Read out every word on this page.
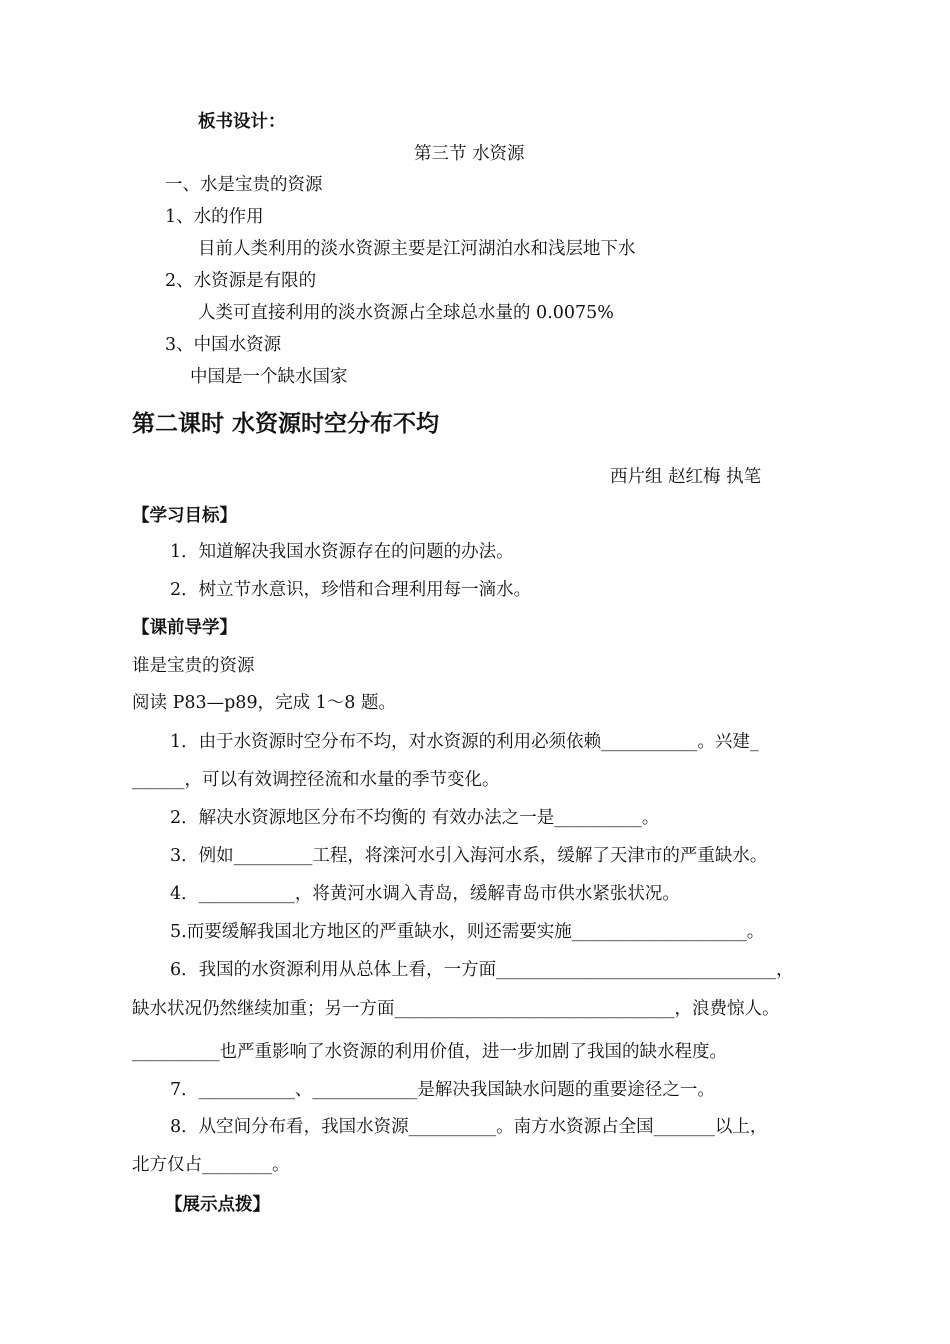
板书设计：
第三节 水资源
一、水是宝贵的资源
1、水的作用
目前人类利用的淡水资源主要是江河湖泊水和浅层地下水
2、水资源是有限的
人类可直接利用的淡水资源占全球总水量的 0.0075%
3、中国水资源
中国是一个缺水国家
第二课时 水资源时空分布不均
西片组 赵红梅 执笔
【学习目标】
1．知道解决我国水资源存在的问题的办法。
2．树立节水意识，珍惜和合理利用每一滴水。
【课前导学】
谁是宝贵的资源
阅读 P83—p89，完成 1～8 题。
1．由于水资源时空分布不均，对水资源的利用必须依赖___________。兴建_
______，可以有效调控径流和水量的季节变化。
2．解决水资源地区分布不均衡的 有效办法之一是__________。
3．例如_________工程，将滦河水引入海河水系，缓解了天津市的严重缺水。
4．___________，将黄河水调入青岛，缓解青岛市供水紧张状况。
5.而要缓解我国北方地区的严重缺水，则还需要实施____________________。
6．我国的水资源利用从总体上看，一方面________________________________，
缺水状况仍然继续加重；另一方面________________________________，浪费惊人。
__________也严重影响了水资源的利用价值，进一步加剧了我国的缺水程度。
7．___________、____________是解决我国缺水问题的重要途径之一。
8．从空间分布看，我国水资源__________。南方水资源占全国_______以上，
北方仅占________。
【展示点拨】
